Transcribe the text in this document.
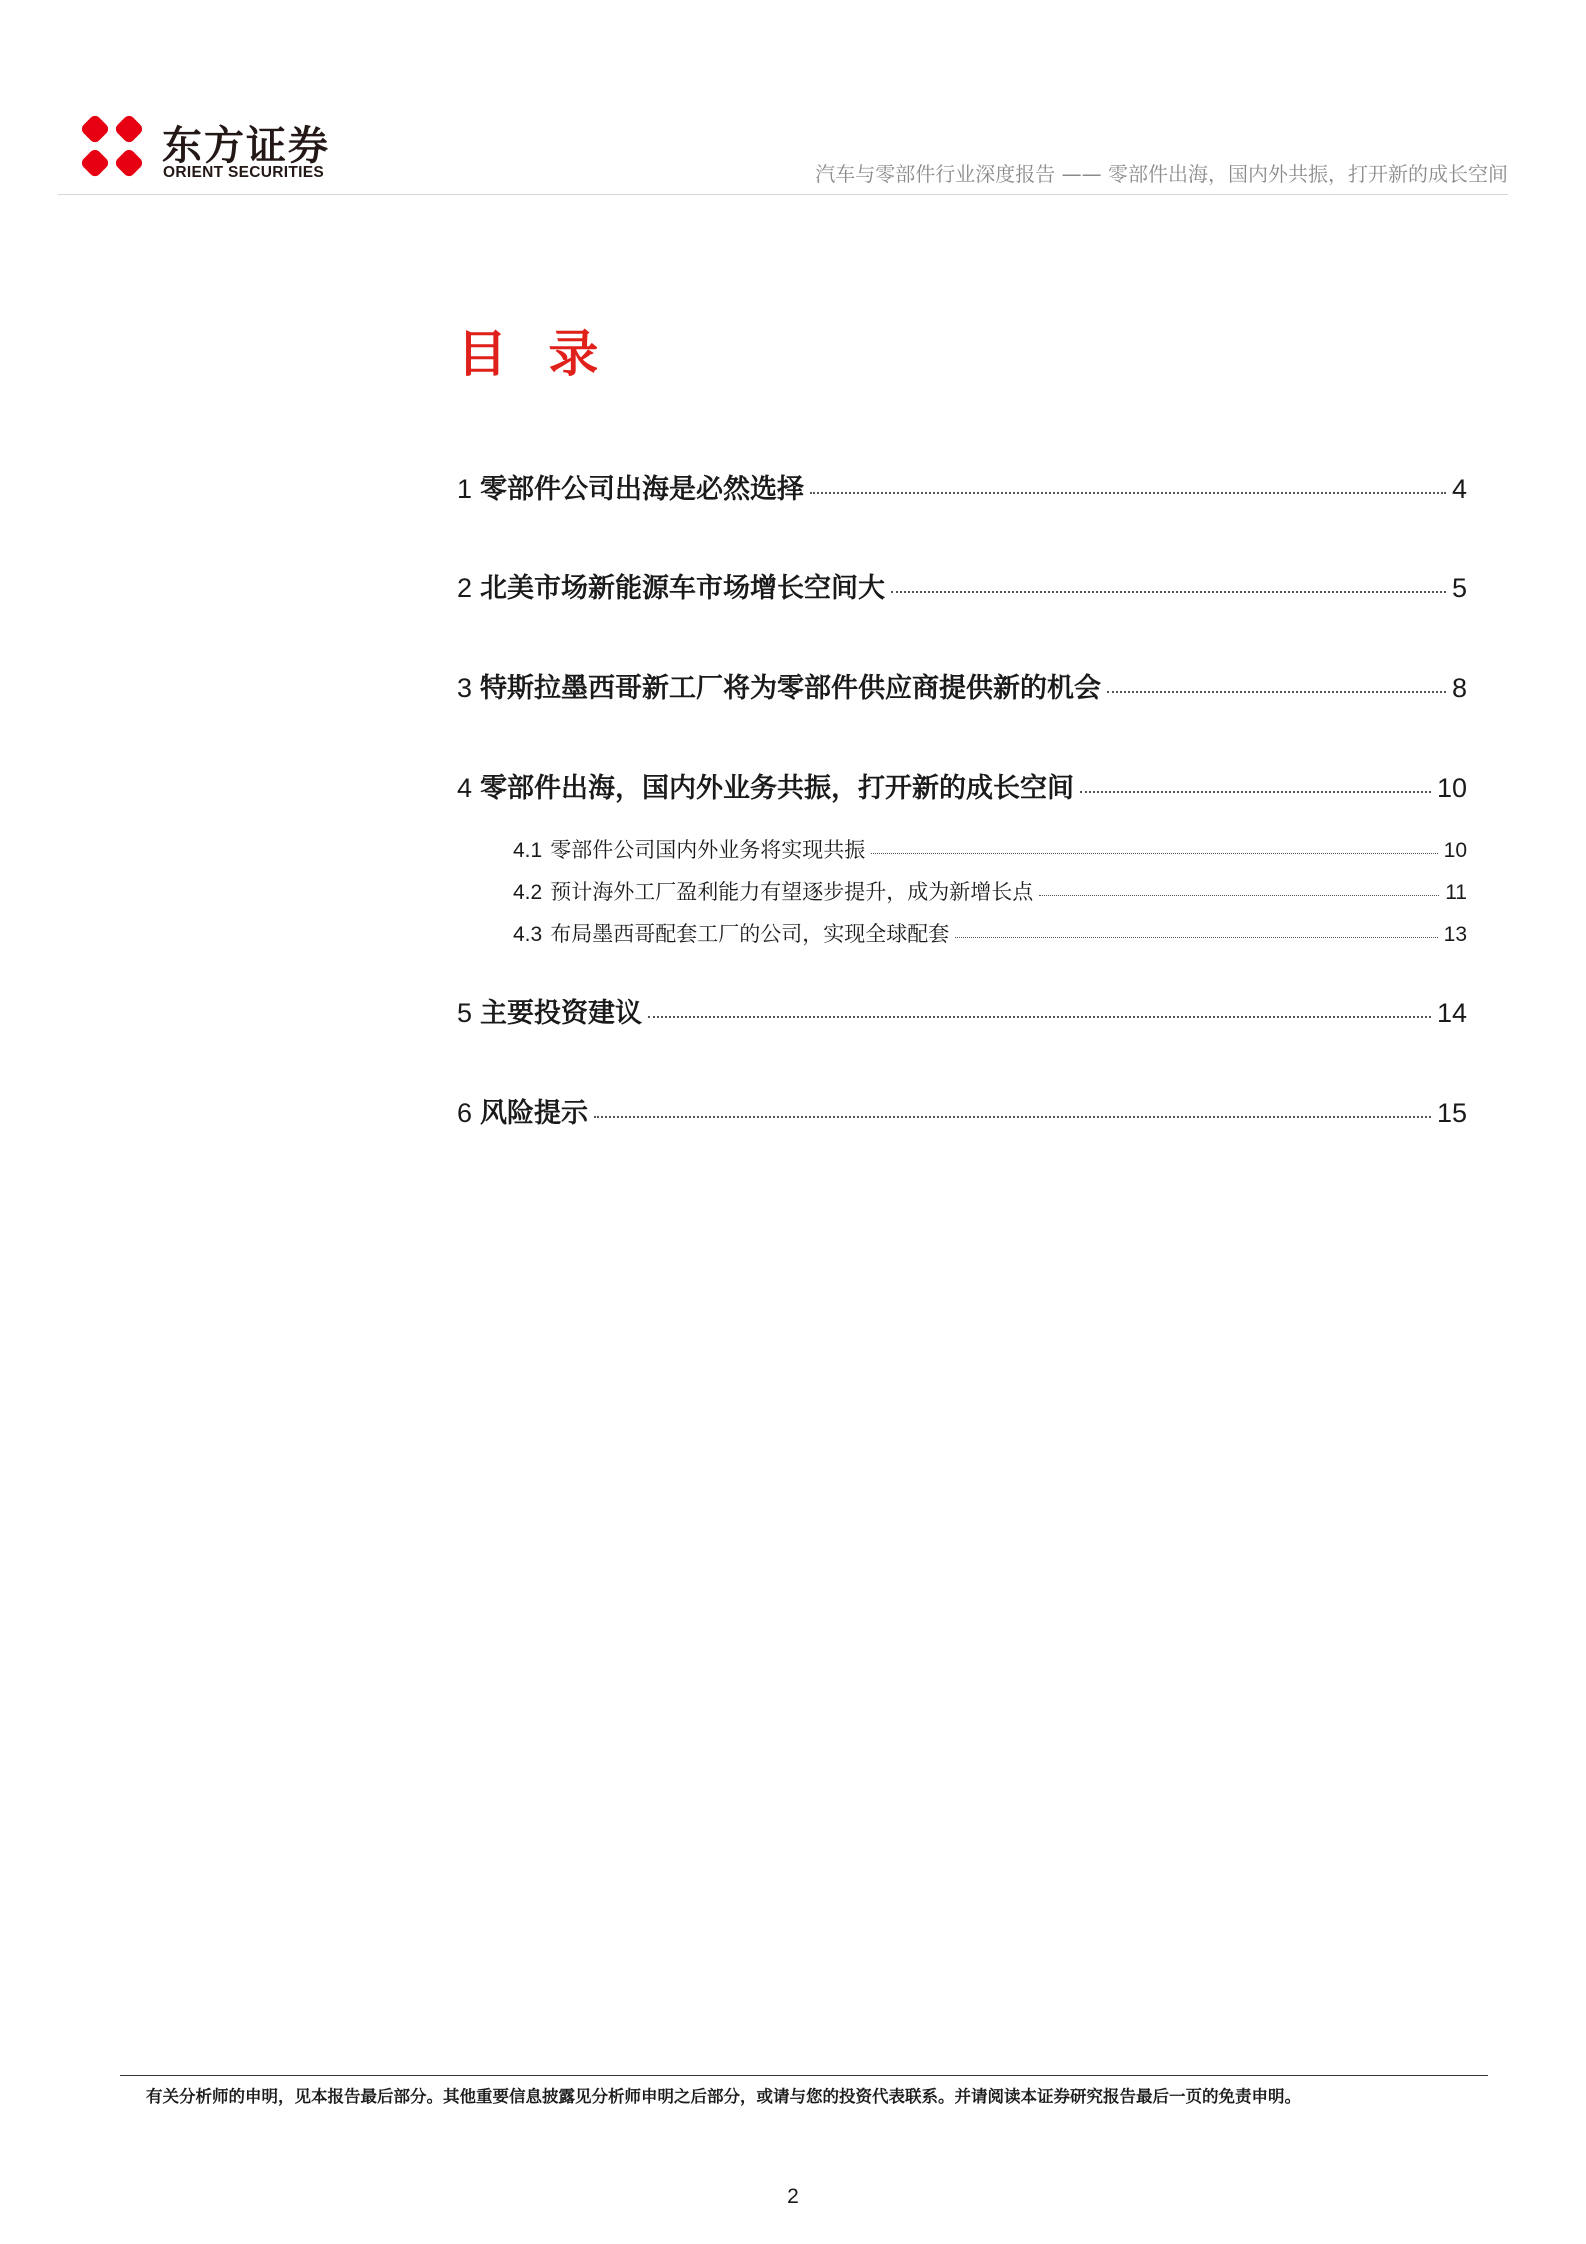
东方证券
ORIENT SECURITIES	汽车与零部件行业深度报告 —— 零部件出海，国内外共振，打开新的成长空间
目 录
1 零部件公司出海是必然选择	4
2 北美市场新能源车市场增长空间大	5
3 特斯拉墨西哥新工厂将为零部件供应商提供新的机会	8
4 零部件出海，国内外业务共振，打开新的成长空间	10
4.1 零部件公司国内外业务将实现共振	10
4.2 预计海外工厂盈利能力有望逐步提升，成为新增长点	11
4.3 布局墨西哥配套工厂的公司，实现全球配套	13
5 主要投资建议	14
6 风险提示	15
有关分析师的申明，见本报告最后部分。其他重要信息披露见分析师申明之后部分，或请与您的投资代表联系。并请阅读本证券研究报告最后一页的免责申明。
2
